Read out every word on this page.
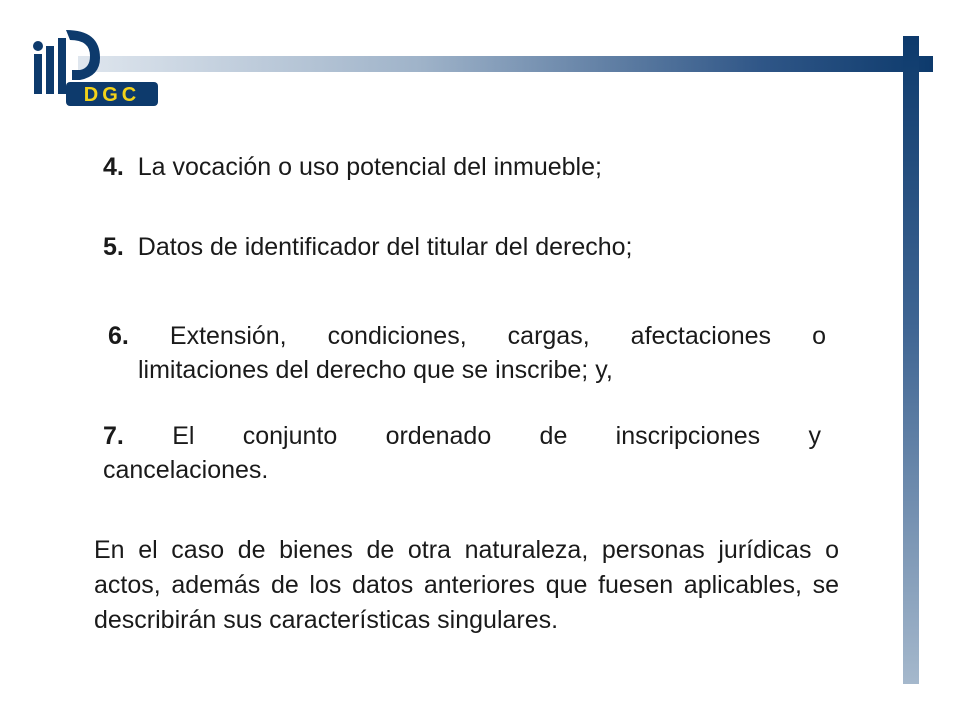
DGC

4. La vocación o uso potencial del inmueble;

5. Datos de identificador del titular del derecho;

6. Extensión, condiciones, cargas, afectaciones o
limitaciones del derecho que se inscribe; y,
7. El conjunto ordenado de inscripciones y
cancelaciones.

En el caso de bienes de otra naturaleza, personas jurídicas o actos, además de los datos anteriores que fuesen aplicables, se describirán sus características singulares.
